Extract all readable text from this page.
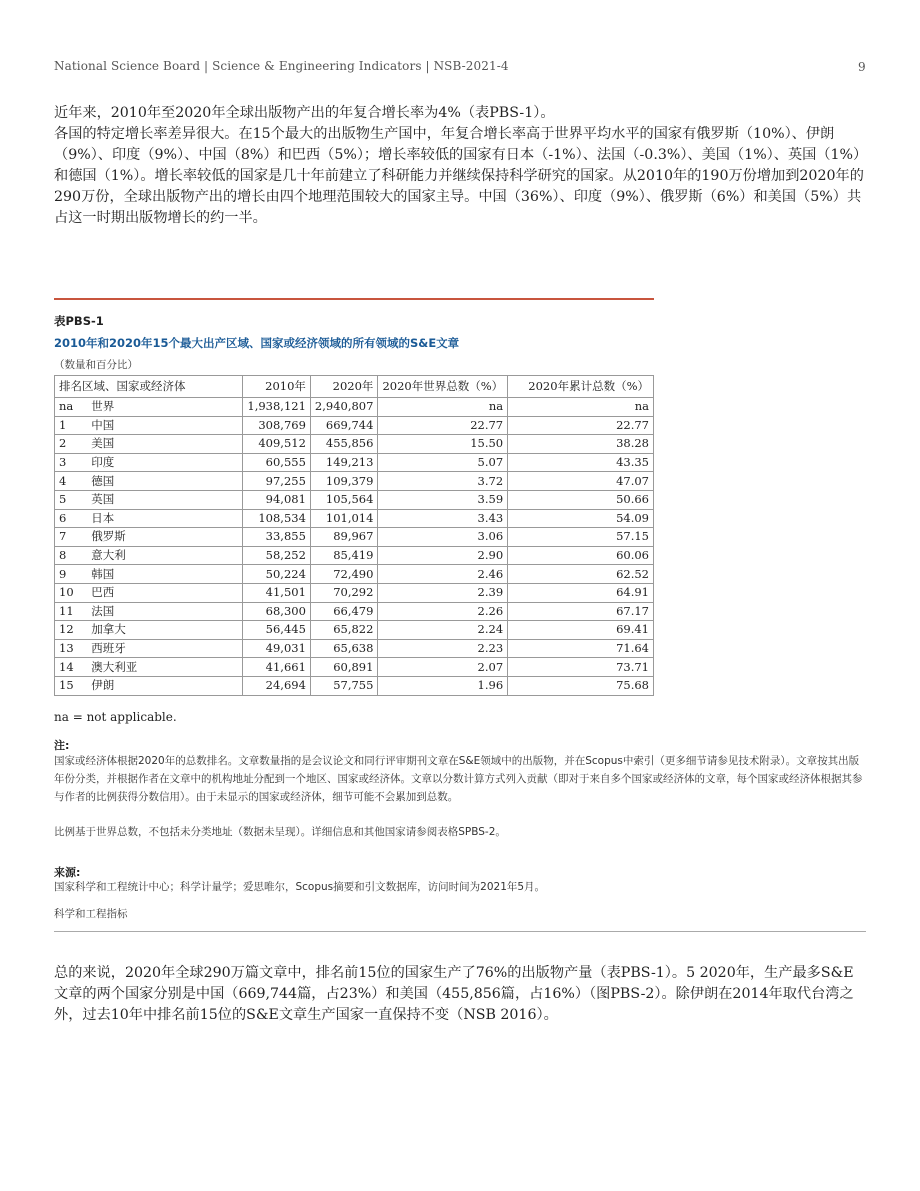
National Science Board | Science & Engineering Indicators | NSB-2021-4	9

近年来，2010年至2020年全球出版物产出的年复合增长率为4%（表PBS-1）。

各国的特定增长率差异很大。在15个最大的出版物生产国中，年复合增长率高于世界平均水平的国家有俄罗斯（10%）、伊朗（9%）、印度（9%）、中国（8%）和巴西（5%）；增长率较低的国家有日本（-1%）、法国（-0.3%）、美国（1%）、英国（1%）和德国（1%）。增长率较低的国家是几十年前建立了科研能力并继续保持科学研究的国家。从2010年的190万份增加到2020年的290万份，全球出版物产出的增长由四个地理范围较大的国家主导。中国（36%）、印度（9%）、俄罗斯（6%）和美国（5%）共占这一时期出版物增长的约一半。

表PBS-1
2010年和2020年15个最大出产区域、国家或经济领域的所有领域的S&E文章
（数量和百分比）
排名区域、国家或经济体		2010年	2020年	2020年世界总数（%）	2020年累计总数（%）
na	世界	1,938,121	2,940,807	na	na
1	中国	308,769	669,744	22.77	22.77
2	美国	409,512	455,856	15.50	38.28
3	印度	60,555	149,213	5.07	43.35
4	德国	97,255	109,379	3.72	47.07
5	英国	94,081	105,564	3.59	50.66
6	日本	108,534	101,014	3.43	54.09
7	俄罗斯	33,855	89,967	3.06	57.15
8	意大利	58,252	85,419	2.90	60.06
9	韩国	50,224	72,490	2.46	62.52
10	巴西	41,501	70,292	2.39	64.91
11	法国	68,300	66,479	2.26	67.17
12	加拿大	56,445	65,822	2.24	69.41
13	西班牙	49,031	65,638	2.23	71.64
14	澳大利亚	41,661	60,891	2.07	73.71
15	伊朗	24,694	57,755	1.96	75.68
na = not applicable.
注:

国家或经济体根据2020年的总数排名。文章数量指的是会议论文和同行评审期刊文章在S&E领域中的出版物，并在Scopus中索引（更多细节请参见技术附录）。文章按其出版年份分类，并根据作者在文章中的机构地址分配到一个地区、国家或经济体。文章以分数计算方式列入贡献（即对于来自多个国家或经济体的文章，每个国家或经济体根据其参与作者的比例获得分数信用）。由于未显示的国家或经济体，细节可能不会累加到总数。

比例基于世界总数，不包括未分类地址（数据未呈现）。详细信息和其他国家请参阅表格SPBS-2。
来源:
国家科学和工程统计中心；科学计量学；爱思唯尔，Scopus摘要和引文数据库，访问时间为2021年5月。
科学和工程指标

总的来说，2020年全球290万篇文章中，排名前15位的国家生产了76%的出版物产量（表PBS-1）。5 2020年，生产最多S&E文章的两个国家分别是中国（669,744篇，占23%）和美国（455,856篇，占16%）（图PBS-2）。除伊朗在2014年取代台湾之外，过去10年中排名前15位的S&E文章生产国家一直保持不变（NSB 2016）。
